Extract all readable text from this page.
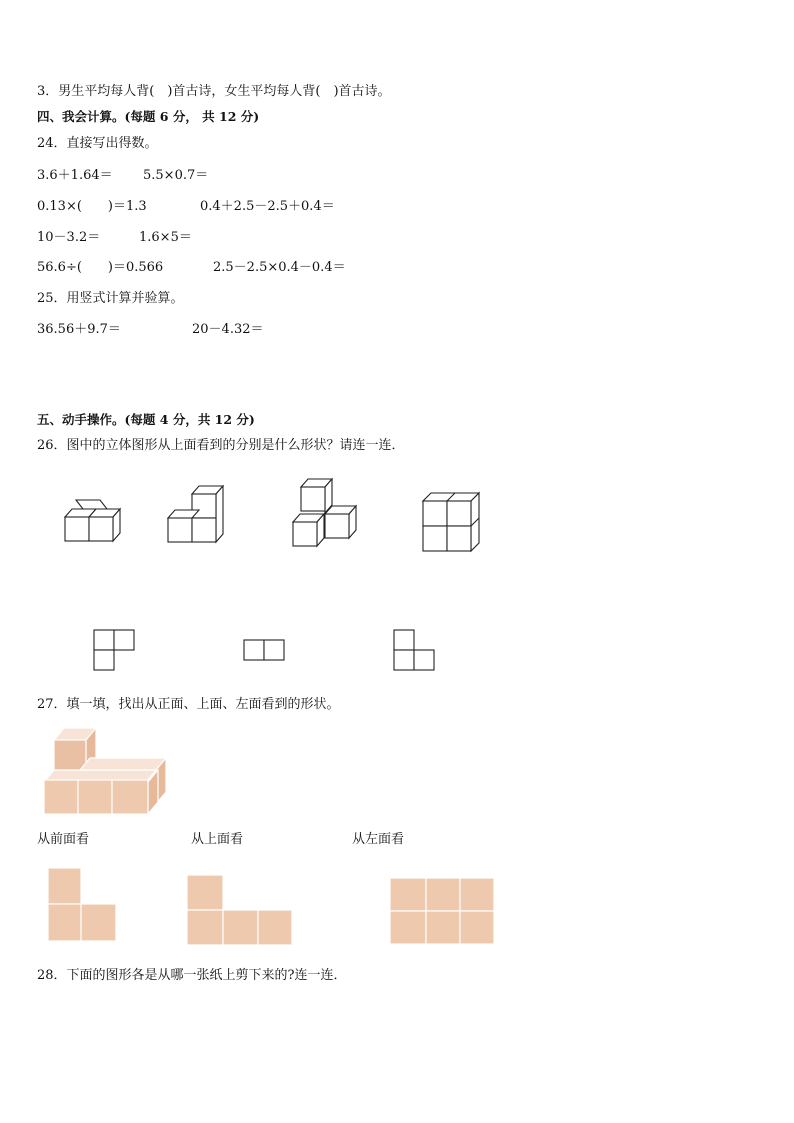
3．男生平均每人背(　)首古诗，女生平均每人背(　)首古诗。
四、我会计算。(每题 6 分， 共 12 分)
24．直接写出得数。
3.6＋1.64＝ 5.5×0.7＝
0.13×(　　)＝1.3	0.4＋2.5－2.5＋0.4＝
10－3.2＝	1.6×5＝
56.6÷(　　)＝0.566	2.5－2.5×0.4－0.4＝
25．用竖式计算并验算。
36.56＋9.7＝	20－4.32＝
五、动手操作。(每题 4 分，共 12 分)
26．图中的立体图形从上面看到的分别是什么形状？请连一连．
27．填一填，找出从正面、上面、左面看到的形状。
从前面看	从上面看	从左面看
28．下面的图形各是从哪一张纸上剪下来的?连一连．
